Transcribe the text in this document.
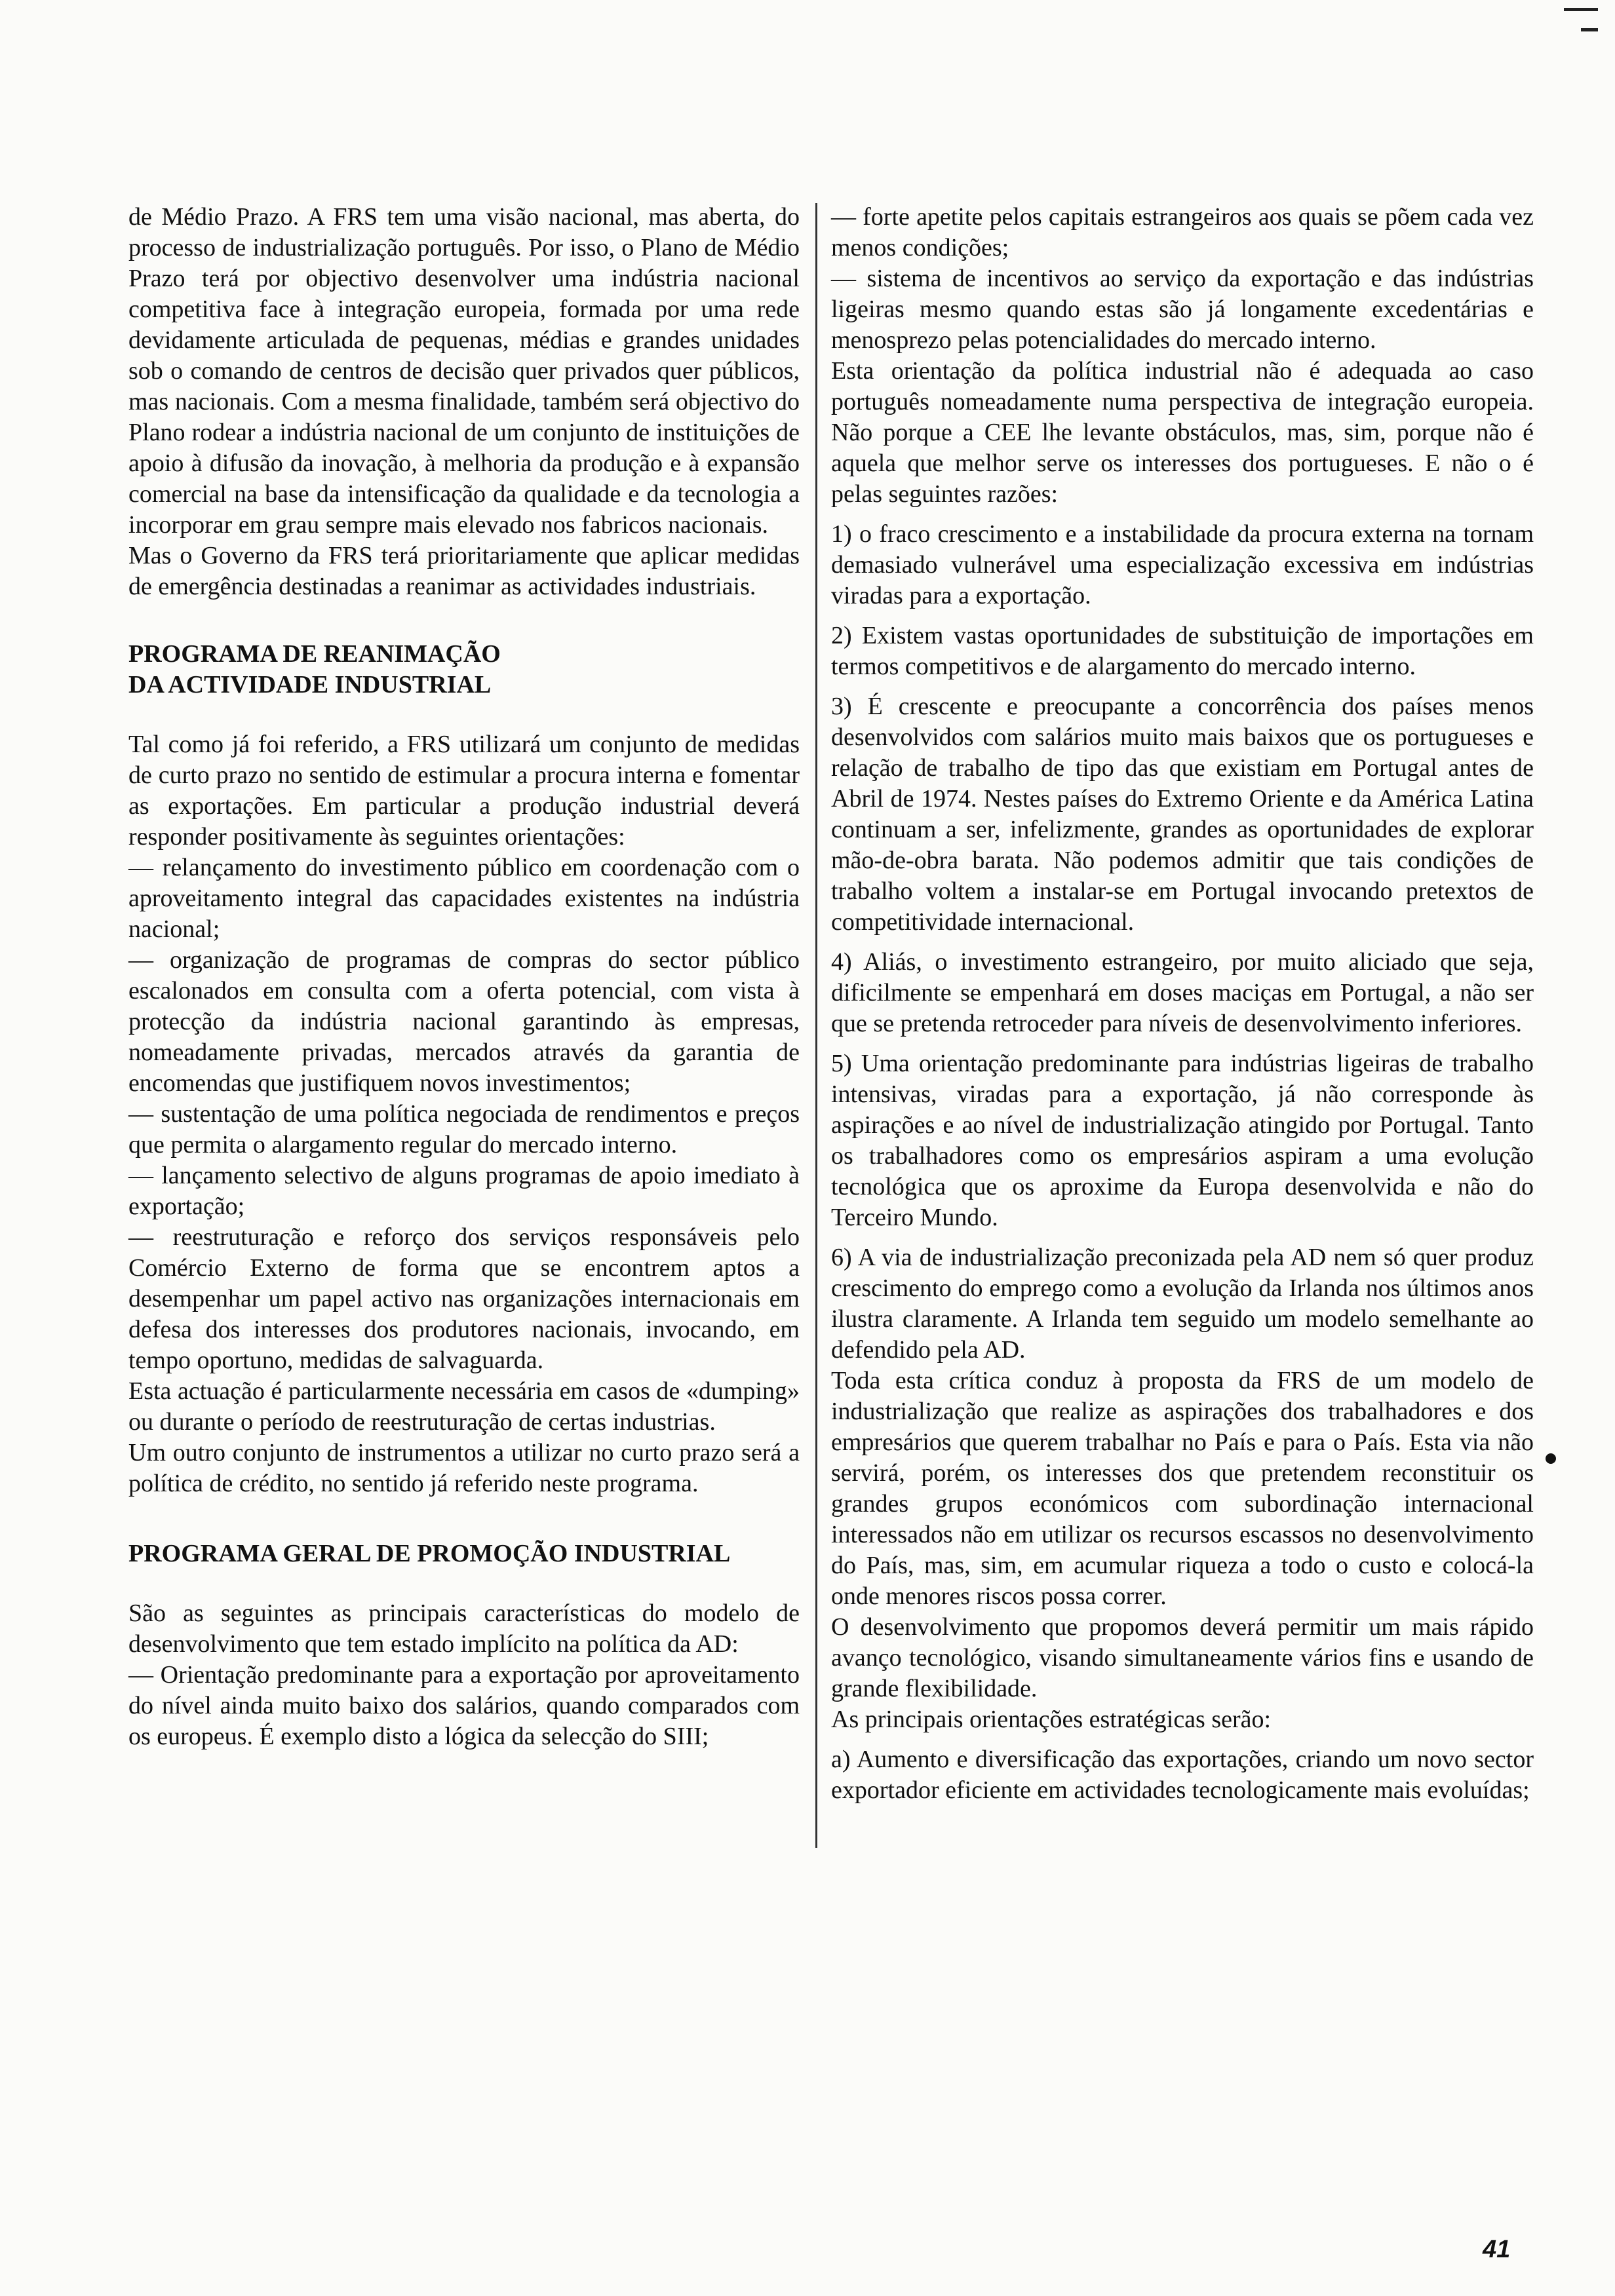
de Médio Prazo. A FRS tem uma visão nacional, mas aberta, do processo de industrialização português. Por isso, o Plano de Médio Prazo terá por objectivo desenvolver uma indústria nacional competitiva face à integração europeia, formada por uma rede devidamente articulada de pequenas, médias e grandes unidades sob o comando de centros de decisão quer privados quer públicos, mas nacionais. Com a mesma finalidade, também será objectivo do Plano rodear a indústria nacional de um conjunto de instituições de apoio à difusão da inovação, à melhoria da produção e à expansão comercial na base da intensificação da qualidade e da tecnologia a incorporar em grau sempre mais elevado nos fabricos nacionais.

Mas o Governo da FRS terá prioritariamente que aplicar medidas de emergência destinadas a reanimar as actividades industriais.

PROGRAMA DE REANIMAÇÃO
DA ACTIVIDADE INDUSTRIAL

Tal como já foi referido, a FRS utilizará um conjunto de medidas de curto prazo no sentido de estimular a procura interna e fomentar as exportações. Em particular a produção industrial deverá responder positivamente às seguintes orientações:

— relançamento do investimento público em coordenação com o aproveitamento integral das capacidades existentes na indústria nacional;

— organização de programas de compras do sector público escalonados em consulta com a oferta potencial, com vista à protecção da indústria nacional garantindo às empresas, nomeadamente privadas, mercados através da garantia de encomendas que justifiquem novos investimentos;

— sustentação de uma política negociada de rendimentos e preços que permita o alargamento regular do mercado interno.

— lançamento selectivo de alguns programas de apoio imediato à exportação;

— reestruturação e reforço dos serviços responsáveis pelo Comércio Externo de forma que se encontrem aptos a desempenhar um papel activo nas organizações internacionais em defesa dos interesses dos produtores nacionais, invocando, em tempo oportuno, medidas de salvaguarda.

Esta actuação é particularmente necessária em casos de «dumping» ou durante o período de reestruturação de certas industrias.

Um outro conjunto de instrumentos a utilizar no curto prazo será a política de crédito, no sentido já referido neste programa.

PROGRAMA GERAL DE PROMOÇÃO INDUSTRIAL

São as seguintes as principais características do modelo de desenvolvimento que tem estado implícito na política da AD:

— Orientação predominante para a exportação por aproveitamento do nível ainda muito baixo dos salários, quando comparados com os europeus. É exemplo disto a lógica da selecção do SIII;

— forte apetite pelos capitais estrangeiros aos quais se põem cada vez menos condições;

— sistema de incentivos ao serviço da exportação e das indústrias ligeiras mesmo quando estas são já longamente excedentárias e menosprezo pelas potencialidades do mercado interno.

Esta orientação da política industrial não é adequada ao caso português nomeadamente numa perspectiva de integração europeia. Não porque a CEE lhe levante obstáculos, mas, sim, porque não é aquela que melhor serve os interesses dos portugueses. E não o é pelas seguintes razões:

1) o fraco crescimento e a instabilidade da procura externa na tornam demasiado vulnerável uma especialização excessiva em indústrias viradas para a exportação.

2) Existem vastas oportunidades de substituição de importações em termos competitivos e de alargamento do mercado interno.

3) É crescente e preocupante a concorrência dos países menos desenvolvidos com salários muito mais baixos que os portugueses e relação de trabalho de tipo das que existiam em Portugal antes de Abril de 1974. Nestes países do Extremo Oriente e da América Latina continuam a ser, infelizmente, grandes as oportunidades de explorar mão-de-obra barata. Não podemos admitir que tais condições de trabalho voltem a instalar-se em Portugal invocando pretextos de competitividade internacional.

4) Aliás, o investimento estrangeiro, por muito aliciado que seja, dificilmente se empenhará em doses maciças em Portugal, a não ser que se pretenda retroceder para níveis de desenvolvimento inferiores.

5) Uma orientação predominante para indústrias ligeiras de trabalho intensivas, viradas para a exportação, já não corresponde às aspirações e ao nível de industrialização atingido por Portugal. Tanto os trabalhadores como os empresários aspiram a uma evolução tecnológica que os aproxime da Europa desenvolvida e não do Terceiro Mundo.

6) A via de industrialização preconizada pela AD nem só quer produz crescimento do emprego como a evolução da Irlanda nos últimos anos ilustra claramente. A Irlanda tem seguido um modelo semelhante ao defendido pela AD.

Toda esta crítica conduz à proposta da FRS de um modelo de industrialização que realize as aspirações dos trabalhadores e dos empresários que querem trabalhar no País e para o País. Esta via não servirá, porém, os interesses dos que pretendem reconstituir os grandes grupos económicos com subordinação internacional interessados não em utilizar os recursos escassos no desenvolvimento do País, mas, sim, em acumular riqueza a todo o custo e colocá-la onde menores riscos possa correr.

O desenvolvimento que propomos deverá permitir um mais rápido avanço tecnológico, visando simultaneamente vários fins e usando de grande flexibilidade.

As principais orientações estratégicas serão:

a) Aumento e diversificação das exportações, criando um novo sector exportador eficiente em actividades tecnologicamente mais evoluídas;

41
